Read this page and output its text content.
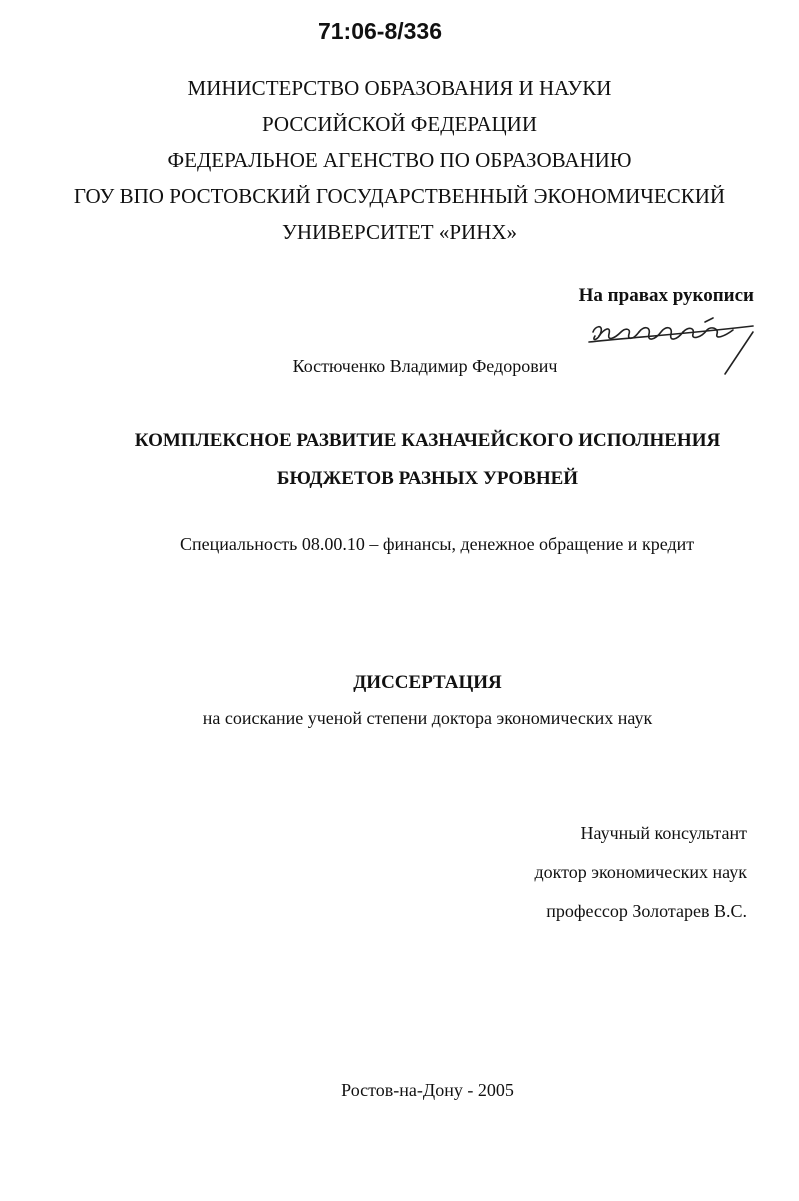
71:06-8/336
МИНИСТЕРСТВО ОБРАЗОВАНИЯ И НАУКИ
РОССИЙСКОЙ ФЕДЕРАЦИИ
ФЕДЕРАЛЬНОЕ АГЕНСТВО ПО ОБРАЗОВАНИЮ
ГОУ ВПО РОСТОВСКИЙ ГОСУДАРСТВЕННЫЙ ЭКОНОМИЧЕСКИЙ
УНИВЕРСИТЕТ «РИНХ»
На правах рукописи
Костюченко Владимир Федорович
КОМПЛЕКСНОЕ РАЗВИТИЕ КАЗНАЧЕЙСКОГО ИСПОЛНЕНИЯ
БЮДЖЕТОВ РАЗНЫХ УРОВНЕЙ
Специальность 08.00.10 – финансы, денежное обращение и кредит
ДИССЕРТАЦИЯ
на соискание ученой степени доктора экономических наук
Научный консультант
доктор экономических наук
профессор Золотарев В.С.
Ростов-на-Дону - 2005
